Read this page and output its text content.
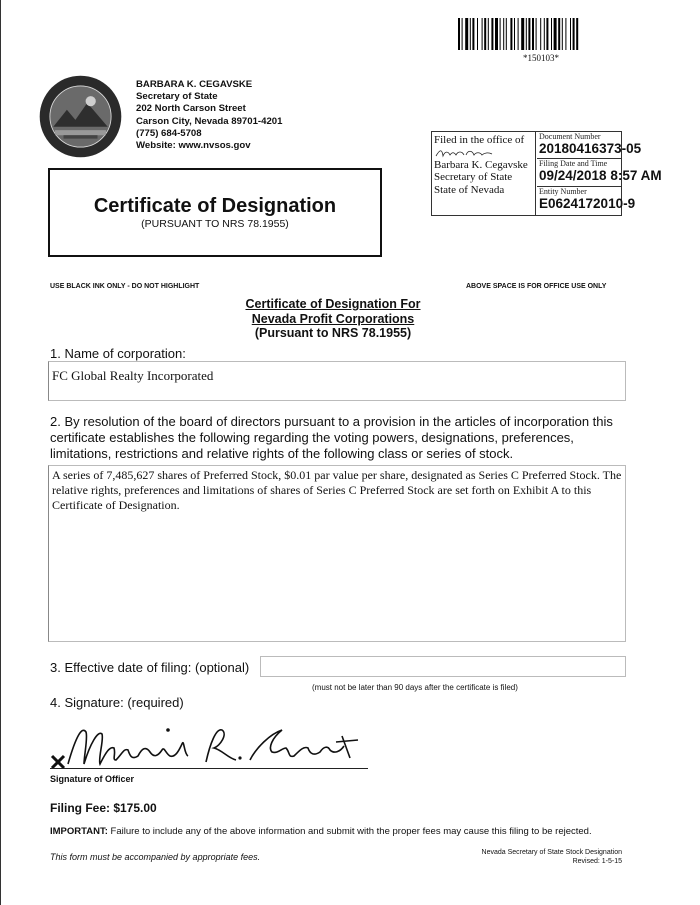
*150103*
BARBARA K. CEGAVSKE
Secretary of State
202 North Carson Street
Carson City, Nevada 89701-4201
(775) 684-5708
Website: www.nvsos.gov	Filed in the office of
Barbara K. Cegavske
Secretary of State
State of Nevada
Document Number
20180416373-05
Filing Date and Time
09/24/2018 8:57 AM
Entity Number
E0624172010-9
Certificate of Designation
(PURSUANT TO NRS 78.1955)
USE BLACK INK ONLY - DO NOT HIGHLIGHT	ABOVE SPACE IS FOR OFFICE USE ONLY
Certificate of Designation For
Nevada Profit Corporations
(Pursuant to NRS 78.1955)
1. Name of corporation:
FC Global Realty Incorporated
2. By resolution of the board of directors pursuant to a provision in the articles of incorporation this certificate establishes the following regarding the voting powers, designations, preferences, limitations, restrictions and relative rights of the following class or series of stock.
A series of 7,485,627 shares of Preferred Stock, $0.01 par value per share, designated as Series C Preferred Stock. The relative rights, preferences and limitations of shares of Series C Preferred Stock are set forth on Exhibit A to this Certificate of Designation.
3. Effective date of filing: (optional)
(must not be later than 90 days after the certificate is filed)
4. Signature: (required)
Signature of Officer
Filing Fee: $175.00
IMPORTANT: Failure to include any of the above information and submit with the proper fees may cause this filing to be rejected.
This form must be accompanied by appropriate fees.	Nevada Secretary of State Stock Designation
Revised: 1-5-15
